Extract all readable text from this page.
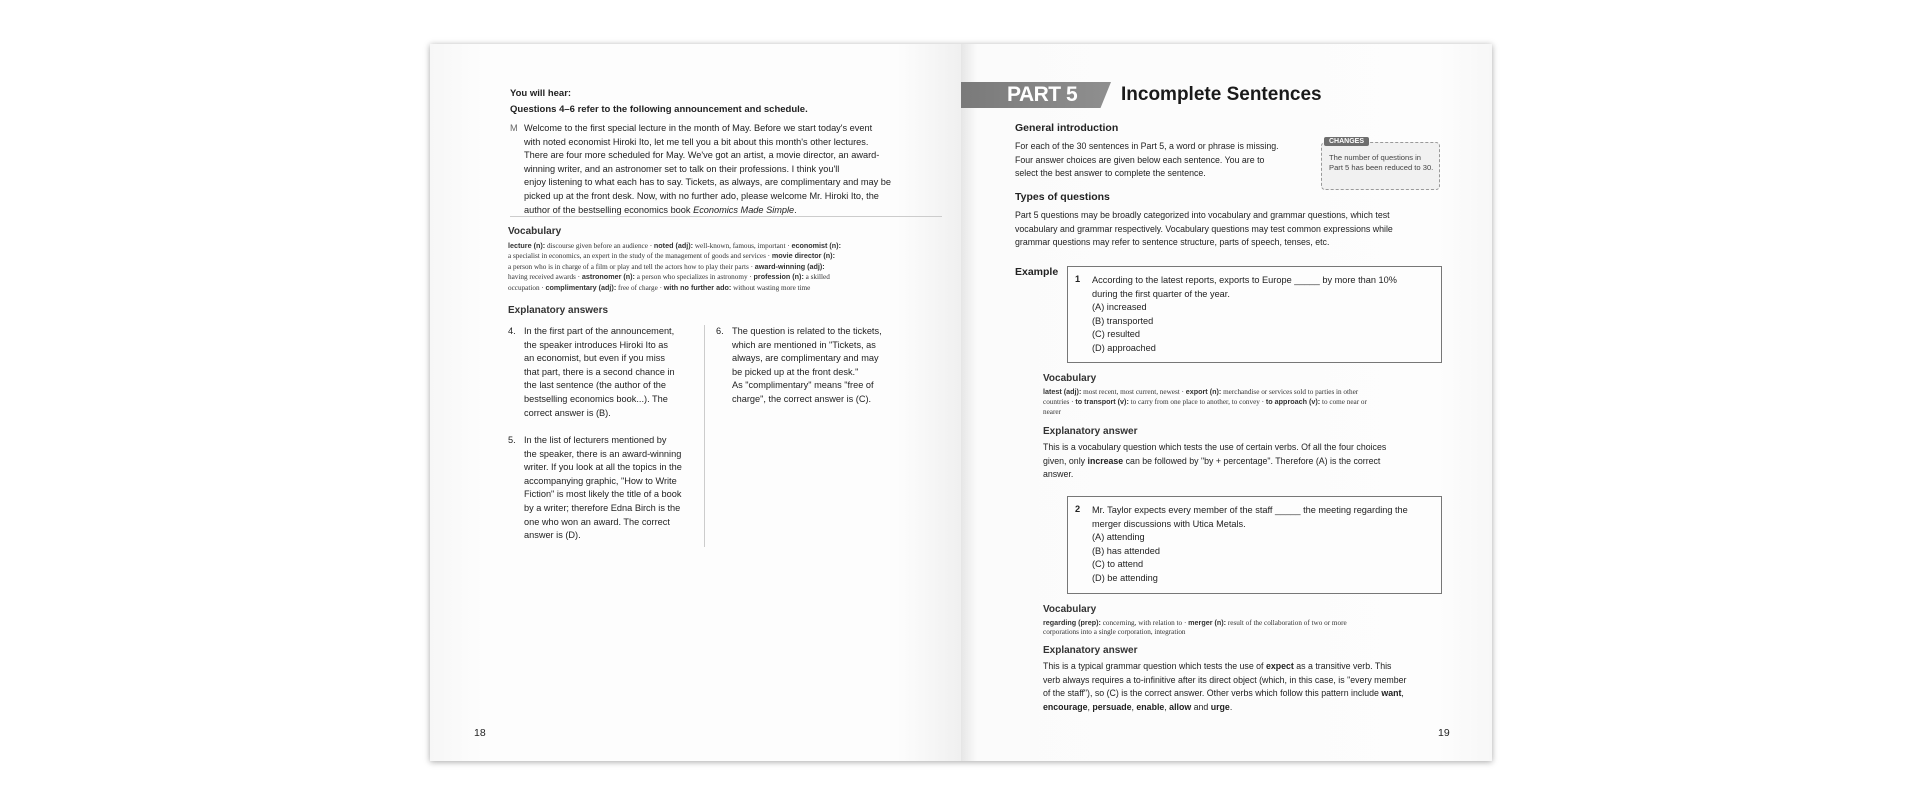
You will hear:

Questions 4–6 refer to the following announcement and schedule.

M Welcome to the first special lecture in the month of May. Before we start today's event
with noted economist Hiroki Ito, let me tell you a bit about this month's other lectures.
There are four more scheduled for May. We've got an artist, a movie director, an award-
winning writer, and an astronomer set to talk on their professions. I think you'll
enjoy listening to what each has to say. Tickets, as always, are complimentary and may be
picked up at the front desk. Now, with no further ado, please welcome Mr. Hiroki Ito, the
author of the bestselling economics book Economics Made Simple.

Vocabulary

lecture (n): discourse given before an audience · noted (adj): well-known, famous, important · economist (n):
a specialist in economics, an expert in the study of the management of goods and services · movie director (n):
a person who is in charge of a film or play and tell the actors how to play their parts · award-winning (adj):
having received awards · astronomer (n): a person who specializes in astronomy · profession (n): a skilled
occupation · complimentary (adj): free of charge · with no further ado: without wasting more time

Explanatory answers

4. In the first part of the announcement,
the speaker introduces Hiroki Ito as
an economist, but even if you miss
that part, there is a second chance in
the last sentence (the author of the
bestselling economics book...). The
correct answer is (B).
5. In the list of lecturers mentioned by
the speaker, there is an award-winning
writer. If you look at all the topics in the
accompanying graphic, "How to Write
Fiction" is most likely the title of a book
by a writer; therefore Edna Birch is the
one who won an award. The correct
answer is (D).
6. The question is related to the tickets,
which are mentioned in "Tickets, as
always, are complimentary and may
be picked up at the front desk."
As "complimentary" means "free of
charge", the correct answer is (C).
18
PART 5 Incomplete Sentences

General introduction

For each of the 30 sentences in Part 5, a word or phrase is missing.
Four answer choices are given below each sentence. You are to
select the best answer to complete the sentence.
CHANGES

The number of questions in Part 5 has been reduced to 30.

Types of questions

Part 5 questions may be broadly categorized into vocabulary and grammar questions, which test
vocabulary and grammar respectively. Vocabulary questions may test common expressions while
grammar questions may refer to sentence structure, parts of speech, tenses, etc.

Example

1 According to the latest reports, exports to Europe _____ by more than 10%
during the first quarter of the year.
(A) increased
(B) transported
(C) resulted
(D) approached

Vocabulary

latest (adj): most recent, most current, newest · export (n): merchandise or services sold to parties in other
countries · to transport (v): to carry from one place to another, to convey · to approach (v): to come near or
nearer

Explanatory answer

This is a vocabulary question which tests the use of certain verbs. Of all the four choices
given, only increase can be followed by "by + percentage". Therefore (A) is the correct
answer.
2 Mr. Taylor expects every member of the staff _____ the meeting regarding the
merger discussions with Utica Metals.
(A) attending
(B) has attended
(C) to attend
(D) be attending

Vocabulary

regarding (prep): concerning, with relation to · merger (n): result of the collaboration of two or more
corporations into a single corporation, integration

Explanatory answer

This is a typical grammar question which tests the use of expect as a transitive verb. This
verb always requires a to-infinitive after its direct object (which, in this case, is "every member
of the staff"), so (C) is the correct answer. Other verbs which follow this pattern include want,
encourage, persuade, enable, allow and urge.
19
